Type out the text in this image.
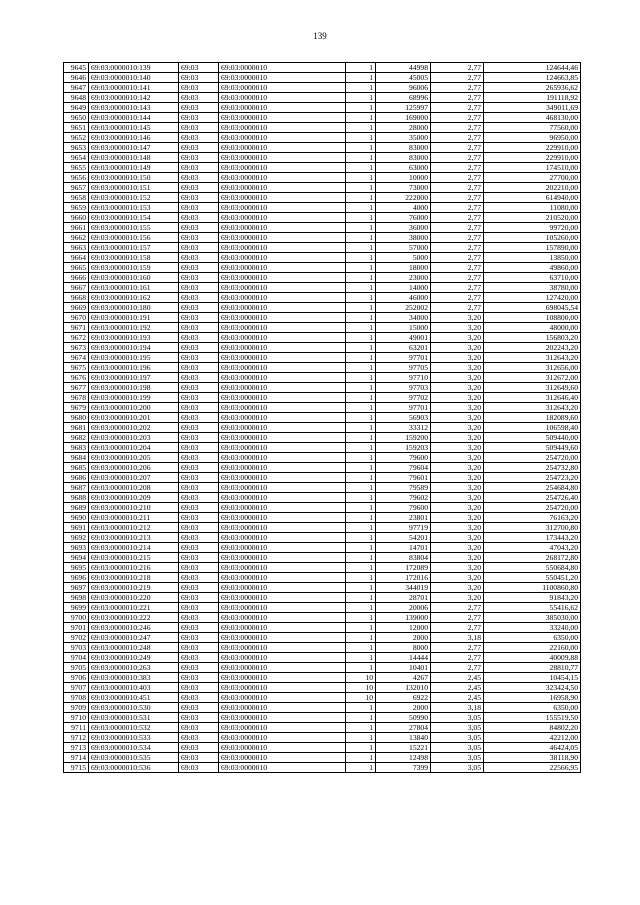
139
9645	69:03:0000010:139	69:03	69:03:0000010	1	44998	2,77	124644,46
9646	69:03:0000010:140	69:03	69:03:0000010	1	45005	2,77	124663,85
9647	69:03:0000010:141	69:03	69:03:0000010	1	96006	2,77	265936,62
9648	69:03:0000010:142	69:03	69:03:0000010	1	68996	2,77	191118,92
9649	69:03:0000010:143	69:03	69:03:0000010	1	125997	2,77	349011,69
9650	69:03:0000010:144	69:03	69:03:0000010	1	169000	2,77	468130,00
9651	69:03:0000010:145	69:03	69:03:0000010	1	28000	2,77	77560,00
9652	69:03:0000010:146	69:03	69:03:0000010	1	35000	2,77	96950,00
9653	69:03:0000010:147	69:03	69:03:0000010	1	83000	2,77	229910,00
9654	69:03:0000010:148	69:03	69:03:0000010	1	83000	2,77	229910,00
9655	69:03:0000010:149	69:03	69:03:0000010	1	63000	2,77	174510,00
9656	69:03:0000010:150	69:03	69:03:0000010	1	10000	2,77	27700,00
9657	69:03:0000010:151	69:03	69:03:0000010	1	73000	2,77	202210,00
9658	69:03:0000010:152	69:03	69:03:0000010	1	222000	2,77	614940,00
9659	69:03:0000010:153	69:03	69:03:0000010	1	4000	2,77	11080,00
9660	69:03:0000010:154	69:03	69:03:0000010	1	76000	2,77	210520,00
9661	69:03:0000010:155	69:03	69:03:0000010	1	36000	2,77	99720,00
9662	69:03:0000010:156	69:03	69:03:0000010	1	38000	2,77	105260,00
9663	69:03:0000010:157	69:03	69:03:0000010	1	57000	2,77	157890,00
9664	69:03:0000010:158	69:03	69:03:0000010	1	5000	2,77	13850,00
9665	69:03:0000010:159	69:03	69:03:0000010	1	18000	2,77	49860,00
9666	69:03:0000010:160	69:03	69:03:0000010	1	23000	2,77	63710,00
9667	69:03:0000010:161	69:03	69:03:0000010	1	14000	2,77	38780,00
9668	69:03:0000010:162	69:03	69:03:0000010	1	46000	2,77	127420,00
9669	69:03:0000010:180	69:03	69:03:0000010	1	252002	2,77	698045,54
9670	69:03:0000010:191	69:03	69:03:0000010	1	34000	3,20	108800,00
9671	69:03:0000010:192	69:03	69:03:0000010	1	15000	3,20	48000,00
9672	69:03:0000010:193	69:03	69:03:0000010	1	49001	3,20	156803,20
9673	69:03:0000010:194	69:03	69:03:0000010	1	63201	3,20	202243,20
9674	69:03:0000010:195	69:03	69:03:0000010	1	97701	3,20	312643,20
9675	69:03:0000010:196	69:03	69:03:0000010	1	97705	3,20	312656,00
9676	69:03:0000010:197	69:03	69:03:0000010	1	97710	3,20	312672,00
9677	69:03:0000010:198	69:03	69:03:0000010	1	97703	3,20	312649,60
9678	69:03:0000010:199	69:03	69:03:0000010	1	97702	3,20	312646,40
9679	69:03:0000010:200	69:03	69:03:0000010	1	97701	3,20	312643,20
9680	69:03:0000010:201	69:03	69:03:0000010	1	56903	3,20	182089,60
9681	69:03:0000010:202	69:03	69:03:0000010	1	33312	3,20	106598,40
9682	69:03:0000010:203	69:03	69:03:0000010	1	159200	3,20	509440,00
9683	69:03:0000010:204	69:03	69:03:0000010	1	159203	3,20	509449,60
9684	69:03:0000010:205	69:03	69:03:0000010	1	79600	3,20	254720,00
9685	69:03:0000010:206	69:03	69:03:0000010	1	79604	3,20	254732,80
9686	69:03:0000010:207	69:03	69:03:0000010	1	79601	3,20	254723,20
9687	69:03:0000010:208	69:03	69:03:0000010	1	79589	3,20	254684,80
9688	69:03:0000010:209	69:03	69:03:0000010	1	79602	3,20	254726,40
9689	69:03:0000010:210	69:03	69:03:0000010	1	79600	3,20	254720,00
9690	69:03:0000010:211	69:03	69:03:0000010	1	23801	3,20	76163,20
9691	69:03:0000010:212	69:03	69:03:0000010	1	97719	3,20	312700,80
9692	69:03:0000010:213	69:03	69:03:0000010	1	54201	3,20	173443,20
9693	69:03:0000010:214	69:03	69:03:0000010	1	14701	3,20	47043,20
9694	69:03:0000010:215	69:03	69:03:0000010	1	83804	3,20	268172,80
9695	69:03:0000010:216	69:03	69:03:0000010	1	172089	3,20	550684,80
9696	69:03:0000010:218	69:03	69:03:0000010	1	172016	3,20	550451,20
9697	69:03:0000010:219	69:03	69:03:0000010	1	344019	3,20	1100860,80
9698	69:03:0000010:220	69:03	69:03:0000010	1	28701	3,20	91843,20
9699	69:03:0000010:221	69:03	69:03:0000010	1	20006	2,77	55416,62
9700	69:03:0000010:222	69:03	69:03:0000010	1	139000	2,77	385030,00
9701	69:03:0000010:246	69:03	69:03:0000010	1	12000	2,77	33240,00
9702	69:03:0000010:247	69:03	69:03:0000010	1	2000	3,18	6350,00
9703	69:03:0000010:248	69:03	69:03:0000010	1	8000	2,77	22160,00
9704	69:03:0000010:249	69:03	69:03:0000010	1	14444	2,77	40009,88
9705	69:03:0000010:263	69:03	69:03:0000010	1	10401	2,77	28810,77
9706	69:03:0000010:383	69:03	69:03:0000010	10	4267	2,45	10454,15
9707	69:03:0000010:403	69:03	69:03:0000010	10	132010	2,45	323424,50
9708	69:03:0000010:451	69:03	69:03:0000010	10	6922	2,45	16958,90
9709	69:03:0000010:530	69:03	69:03:0000010	1	2000	3,18	6350,00
9710	69:03:0000010:531	69:03	69:03:0000010	1	50990	3,05	155519,50
9711	69:03:0000010:532	69:03	69:03:0000010	1	27804	3,05	84802,20
9712	69:03:0000010:533	69:03	69:03:0000010	1	13840	3,05	42212,00
9713	69:03:0000010:534	69:03	69:03:0000010	1	15221	3,05	46424,05
9714	69:03:0000010:535	69:03	69:03:0000010	1	12498	3,05	38118,90
9715	69:03:0000010:536	69:03	69:03:0000010	1	7399	3,05	22566,95
